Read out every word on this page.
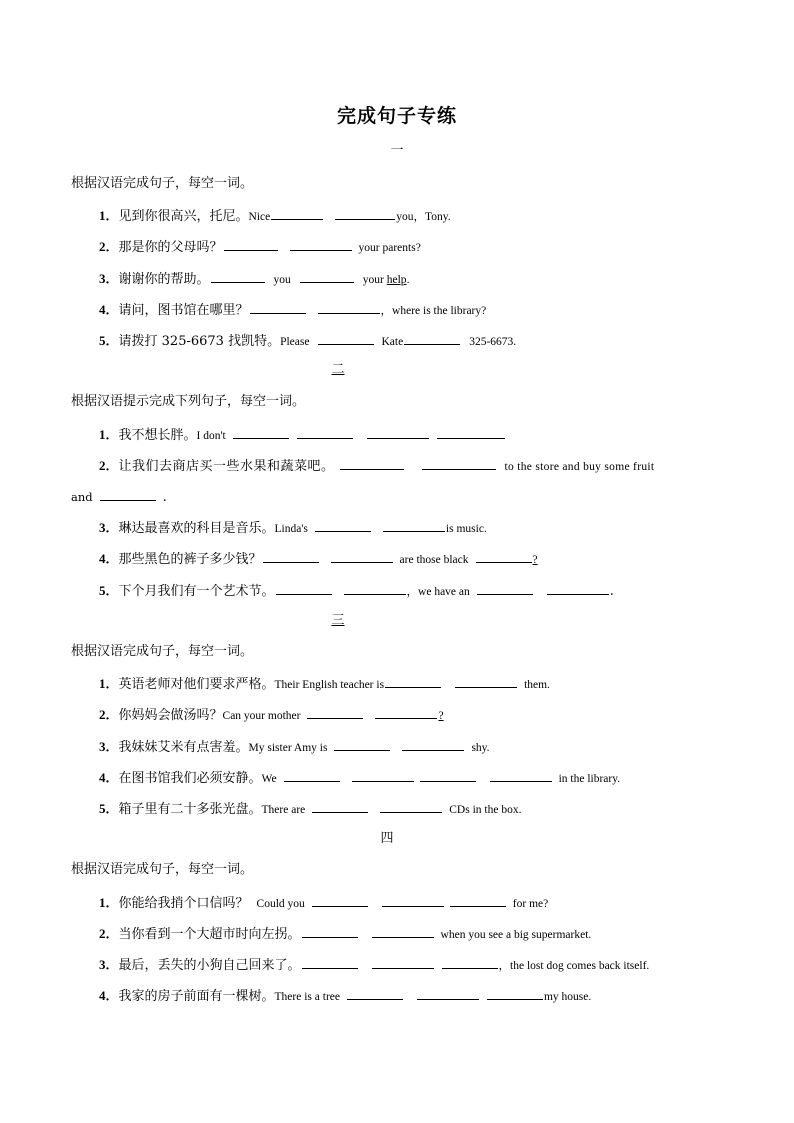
完成句子专练
一
根据汉语完成句子，每空一词。
1．见到你很高兴，托尼。Nice	you，Tony.
2．那是你的父母吗？	your parents?
3．谢谢你的帮助。	you	your help.
4．请问，图书馆在哪里？	，where is the library?
5．请拨打 325-6673 找凯特。Please	Kate	325-6673.
二
根据汉语提示完成下列句子，每空一词。
1．我不想长胖。I don't
2．让我们去商店买一些水果和蔬菜吧。	to the store and buy some fruit
and	.
3．琳达最喜欢的科目是音乐。Linda's	is music.
4．那些黑色的裤子多少钱？	are those black	?
5．下个月我们有一个艺术节。	，we have an	.
三
根据汉语完成句子，每空一词。
1．英语老师对他们要求严格。Their English teacher is	them.
2．你妈妈会做汤吗？Can your mother	?
3．我妹妹艾米有点害羞。My sister Amy is	shy.
4．在图书馆我们必须安静。We	in the library.
5．箱子里有二十多张光盘。There are	CDs in the box.
四
根据汉语完成句子，每空一词。
1．你能给我捎个口信吗？ Could you	for me?
2．当你看到一个大超市时向左拐。	when you see a big supermarket.
3．最后，丢失的小狗自己回来了。	，the lost dog comes back itself.
4．我家的房子前面有一棵树。There is a tree	my house.
